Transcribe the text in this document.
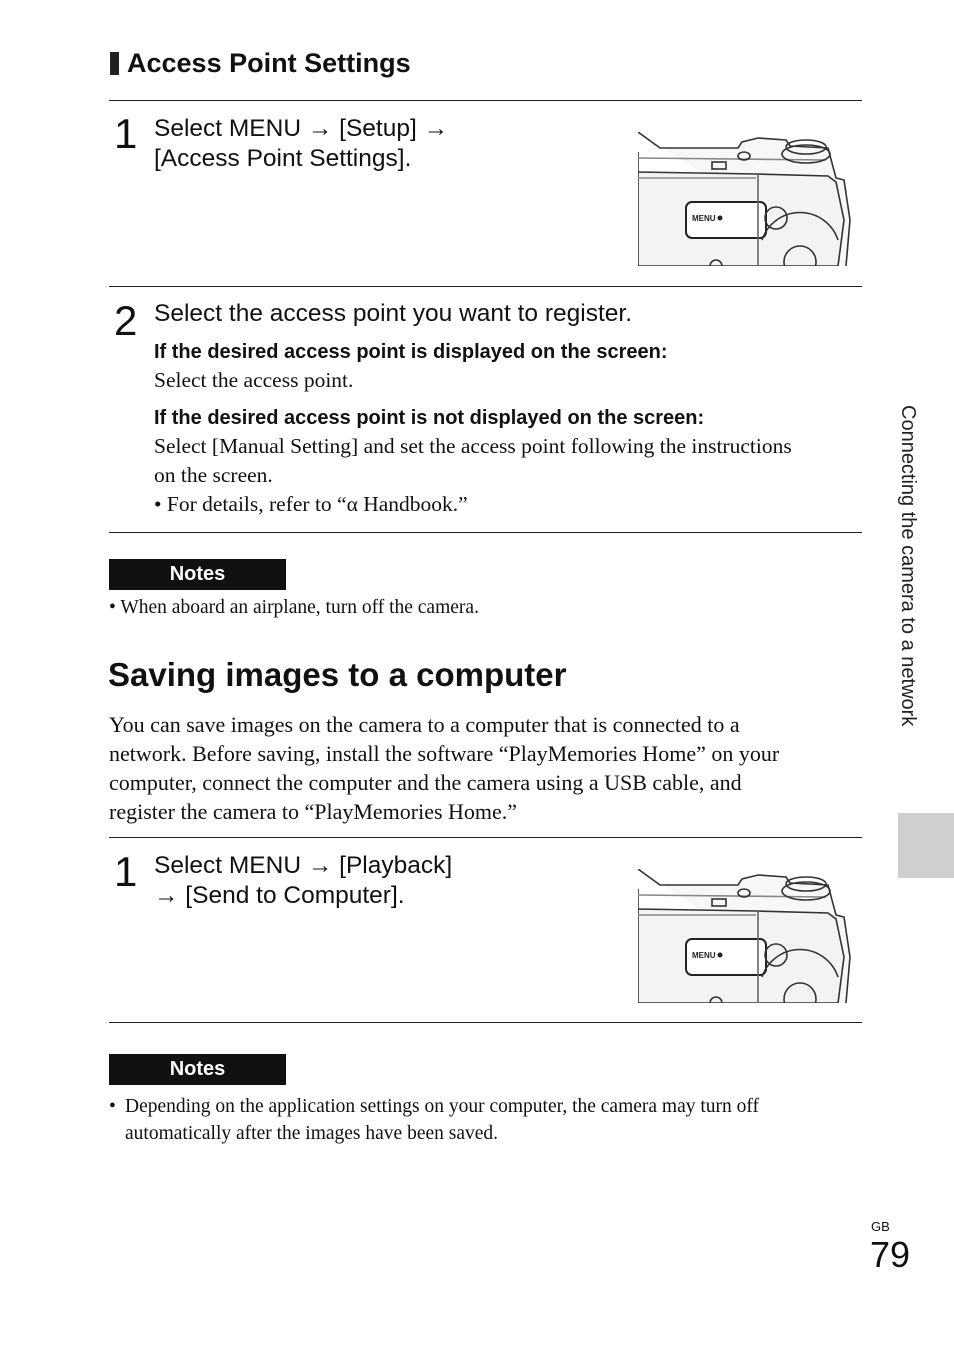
Access Point Settings
1 Select MENU → [Setup] →
[Access Point Settings].
MENU
2 Select the access point you want to register.
If the desired access point is displayed on the screen:
Select the access point.
If the desired access point is not displayed on the screen:
Select [Manual Setting] and set the access point following the instructions
on the screen.
• For details, refer to “α Handbook.”
Notes
• When aboard an airplane, turn off the camera.
Saving images to a computer
You can save images on the camera to a computer that is connected to a
network. Before saving, install the software “PlayMemories Home” on your
computer, connect the computer and the camera using a USB cable, and
register the camera to “PlayMemories Home.”
1 Select MENU → [Playback]
→ [Send to Computer].
MENU
Notes
• Depending on the application settings on your computer, the camera may turn off
automatically after the images have been saved.
Connecting the camera to a network
GB
79
